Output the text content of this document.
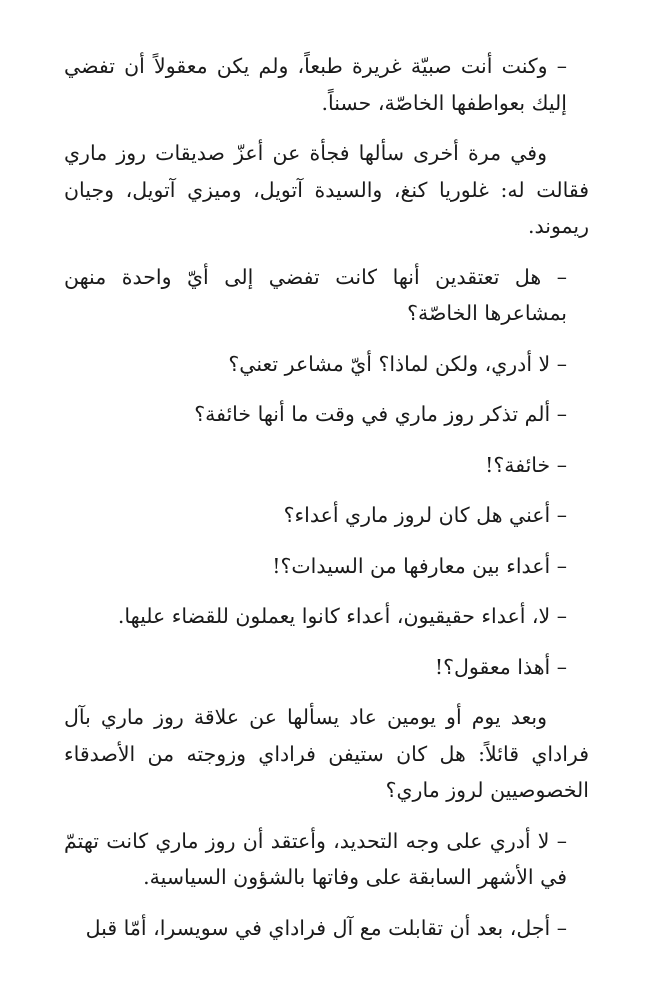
– وكنت أنت صبيّة غريرة طبعاً، ولم يكن معقولاً أن تفضي إليك بعواطفها الخاصّة، حسناً.

وفي مرة أخرى سألها فجأة عن أعزّ صديقات روز ماري فقالت له: غلوريا كنغ، والسيدة آتويل، وميزي آتويل، وجيان ريموند.

– هل تعتقدين أنها كانت تفضي إلى أيّ واحدة منهن بمشاعرها الخاصّة؟

– لا أدري، ولكن لماذا؟ أيّ مشاعر تعني؟

– ألم تذكر روز ماري في وقت ما أنها خائفة؟

– خائفة؟!

– أعني هل كان لروز ماري أعداء؟

– أعداء بين معارفها من السيدات؟!

– لا، أعداء حقيقيون، أعداء كانوا يعملون للقضاء عليها.

– أهذا معقول؟!

وبعد يوم أو يومين عاد يسألها عن علاقة روز ماري بآل فراداي قائلاً: هل كان ستيفن فراداي وزوجته من الأصدقاء الخصوصيين لروز ماري؟

– لا أدري على وجه التحديد، وأعتقد أن روز ماري كانت تهتمّ في الأشهر السابقة على وفاتها بالشؤون السياسية.

– أجل، بعد أن تقابلت مع آل فراداي في سويسرا، أمّا قبل
